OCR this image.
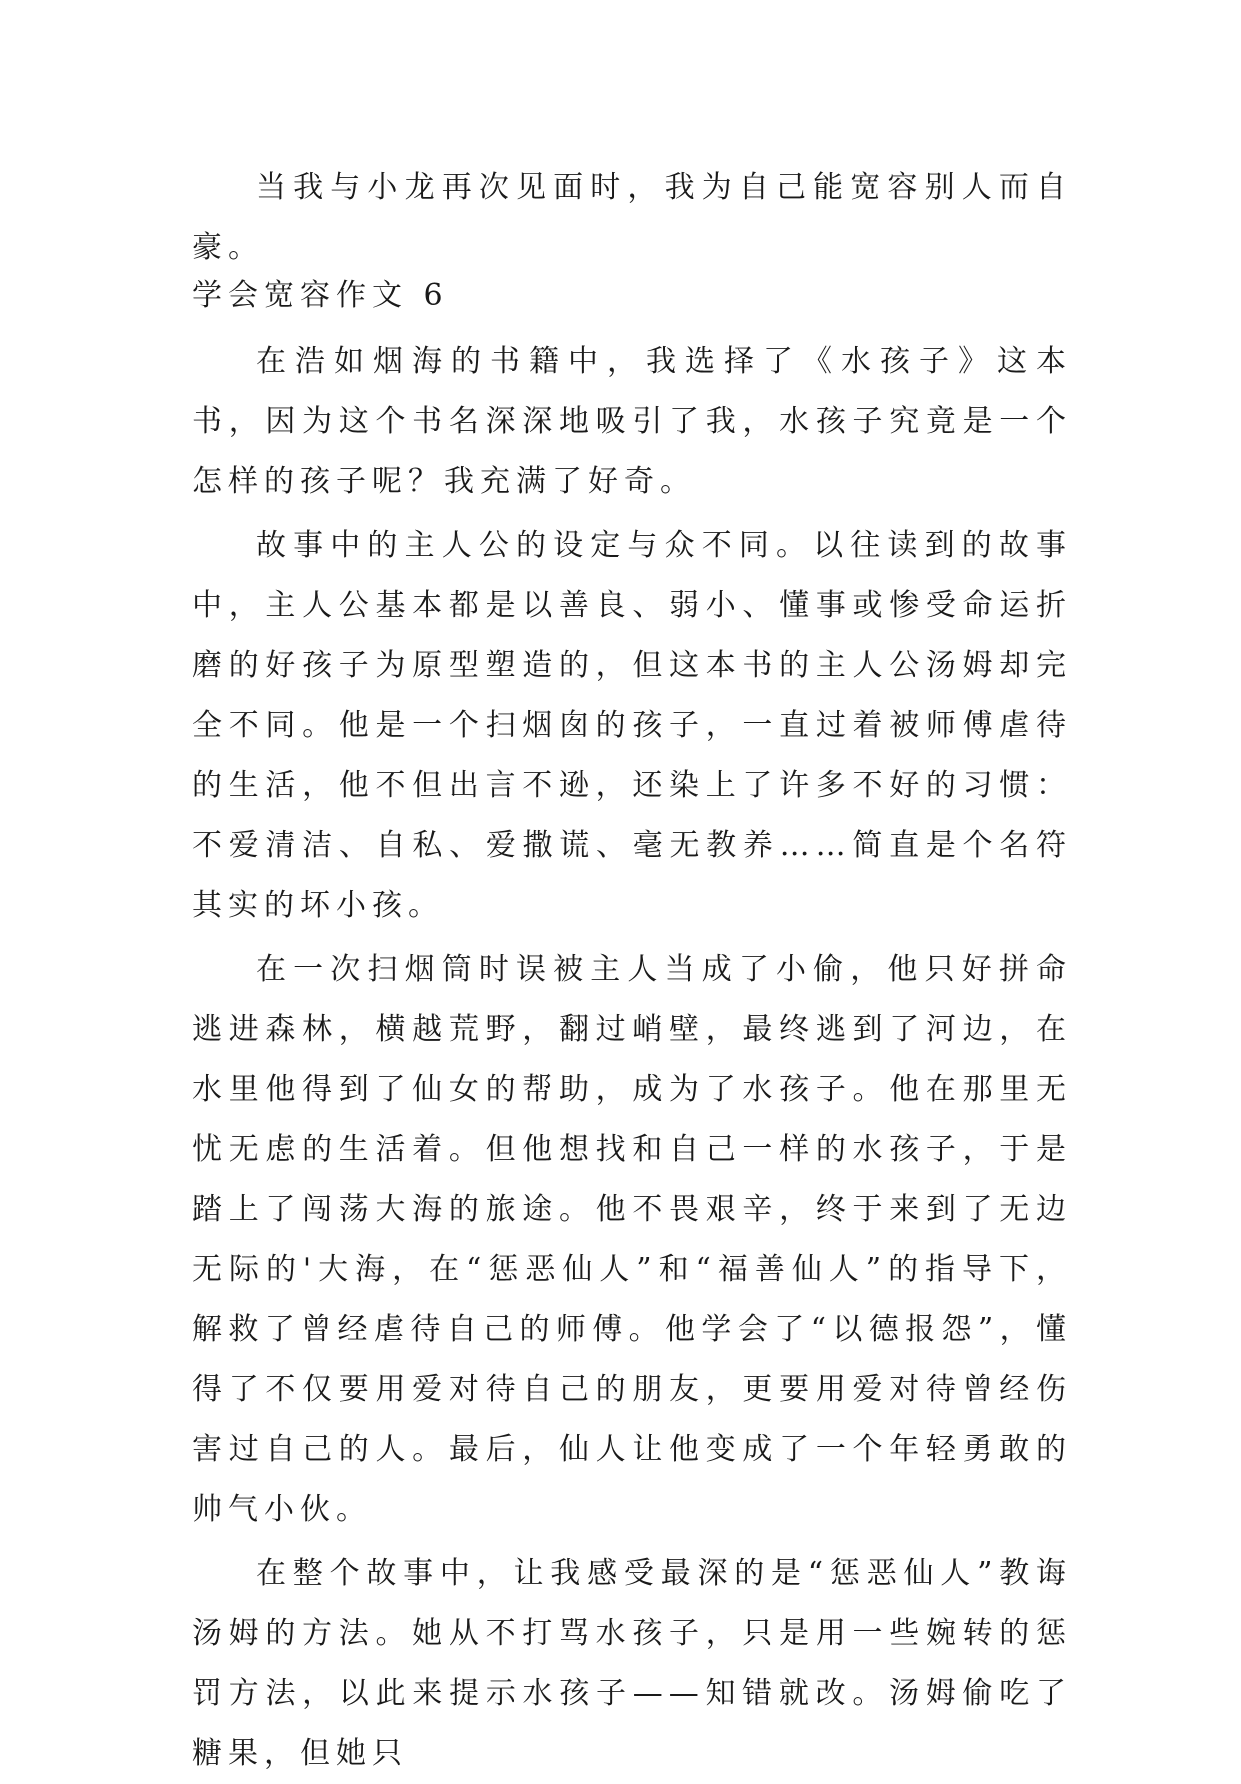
当我与小龙再次见面时，我为自己能宽容别人而自豪。

学会宽容作文 6

在浩如烟海的书籍中，我选择了《水孩子》这本书，因为这个书名深深地吸引了我，水孩子究竟是一个怎样的孩子呢？我充满了好奇。

故事中的主人公的设定与众不同。以往读到的故事中，主人公基本都是以善良、弱小、懂事或惨受命运折磨的好孩子为原型塑造的，但这本书的主人公汤姆却完全不同。他是一个扫烟囱的孩子，一直过着被师傅虐待的生活，他不但出言不逊，还染上了许多不好的习惯：不爱清洁、自私、爱撒谎、毫无教养……简直是个名符其实的坏小孩。

在一次扫烟筒时误被主人当成了小偷，他只好拼命逃进森林，横越荒野，翻过峭壁，最终逃到了河边，在水里他得到了仙女的帮助，成为了水孩子。他在那里无忧无虑的生活着。但他想找和自己一样的水孩子，于是踏上了闯荡大海的旅途。他不畏艰辛，终于来到了无边无际的'大海，在“惩恶仙人”和“福善仙人”的指导下，解救了曾经虐待自己的师傅。他学会了“以德报怨”，懂得了不仅要用爱对待自己的朋友，更要用爱对待曾经伤害过自己的人。最后，仙人让他变成了一个年轻勇敢的帅气小伙。

在整个故事中，让我感受最深的是“惩恶仙人”教诲汤姆的方法。她从不打骂水孩子，只是用一些婉转的惩罚方法，以此来提示水孩子——知错就改。汤姆偷吃了糖果，但她只
